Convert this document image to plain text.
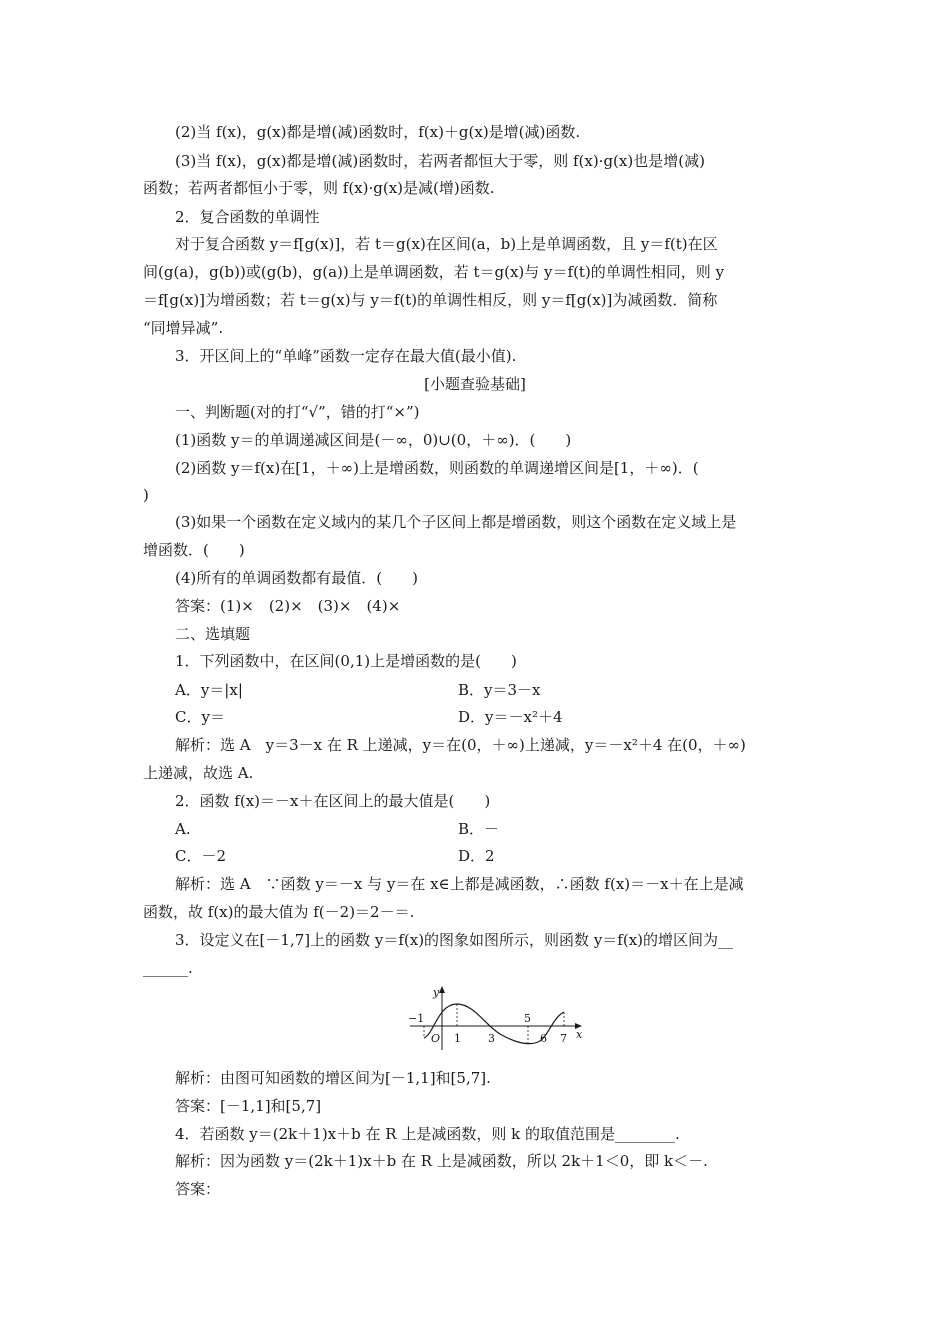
(2)当 f(x)，g(x)都是增(减)函数时，f(x)＋g(x)是增(减)函数.
(3)当 f(x)，g(x)都是增(减)函数时，若两者都恒大于零，则 f(x)·g(x)也是增(减)
函数；若两者都恒小于零，则 f(x)·g(x)是减(增)函数.
2．复合函数的单调性
对于复合函数 y＝f[g(x)]，若 t＝g(x)在区间(a，b)上是单调函数，且 y＝f(t)在区
间(g(a)，g(b))或(g(b)，g(a))上是单调函数，若 t＝g(x)与 y＝f(t)的单调性相同，则 y
＝f[g(x)]为增函数；若 t＝g(x)与 y＝f(t)的单调性相反，则 y＝f[g(x)]为减函数．简称
“同增异减”.
3．开区间上的“单峰”函数一定存在最大值(最小值).
[小题查验基础]
一、判断题(对的打“√”，错的打“×”)
(1)函数 y＝的单调递减区间是(－∞，0)∪(0，＋∞)．(　　)
(2)函数 y＝f(x)在[1，＋∞)上是增函数，则函数的单调递增区间是[1，＋∞)．(
)
(3)如果一个函数在定义域内的某几个子区间上都是增函数，则这个函数在定义域上是
增函数．(　　)
(4)所有的单调函数都有最值．(　　)
答案：(1)×　(2)×　(3)×　(4)×
二、选填题
1．下列函数中，在区间(0,1)上是增函数的是(　　)
A．y＝|x|	B．y＝3－x
C．y＝	D．y＝－x²＋4
解析：选 A　y＝3－x 在 R 上递减，y＝在(0，＋∞)上递减，y＝－x²＋4 在(0，＋∞)
上递减，故选 A.
2．函数 f(x)＝－x＋在区间上的最大值是(　　)
A.	B．－
C．－2	D．2
解析：选 A　∵函数 y＝－x 与 y＝在 x∈上都是减函数，∴函数 f(x)＝－x＋在上是减
函数，故 f(x)的最大值为 f(－2)＝2－＝.
3．设定义在[－1,7]上的函数 y＝f(x)的图象如图所示，则函数 y＝f(x)的增区间为__
______.
y
x
O
−1
1 3
5
6 7
解析：由图可知函数的增区间为[－1,1]和[5,7].
答案：[－1,1]和[5,7]
4．若函数 y＝(2k＋1)x＋b 在 R 上是减函数，则 k 的取值范围是________.
解析：因为函数 y＝(2k＋1)x＋b 在 R 上是减函数，所以 2k＋1＜0，即 k＜－.
答案：
